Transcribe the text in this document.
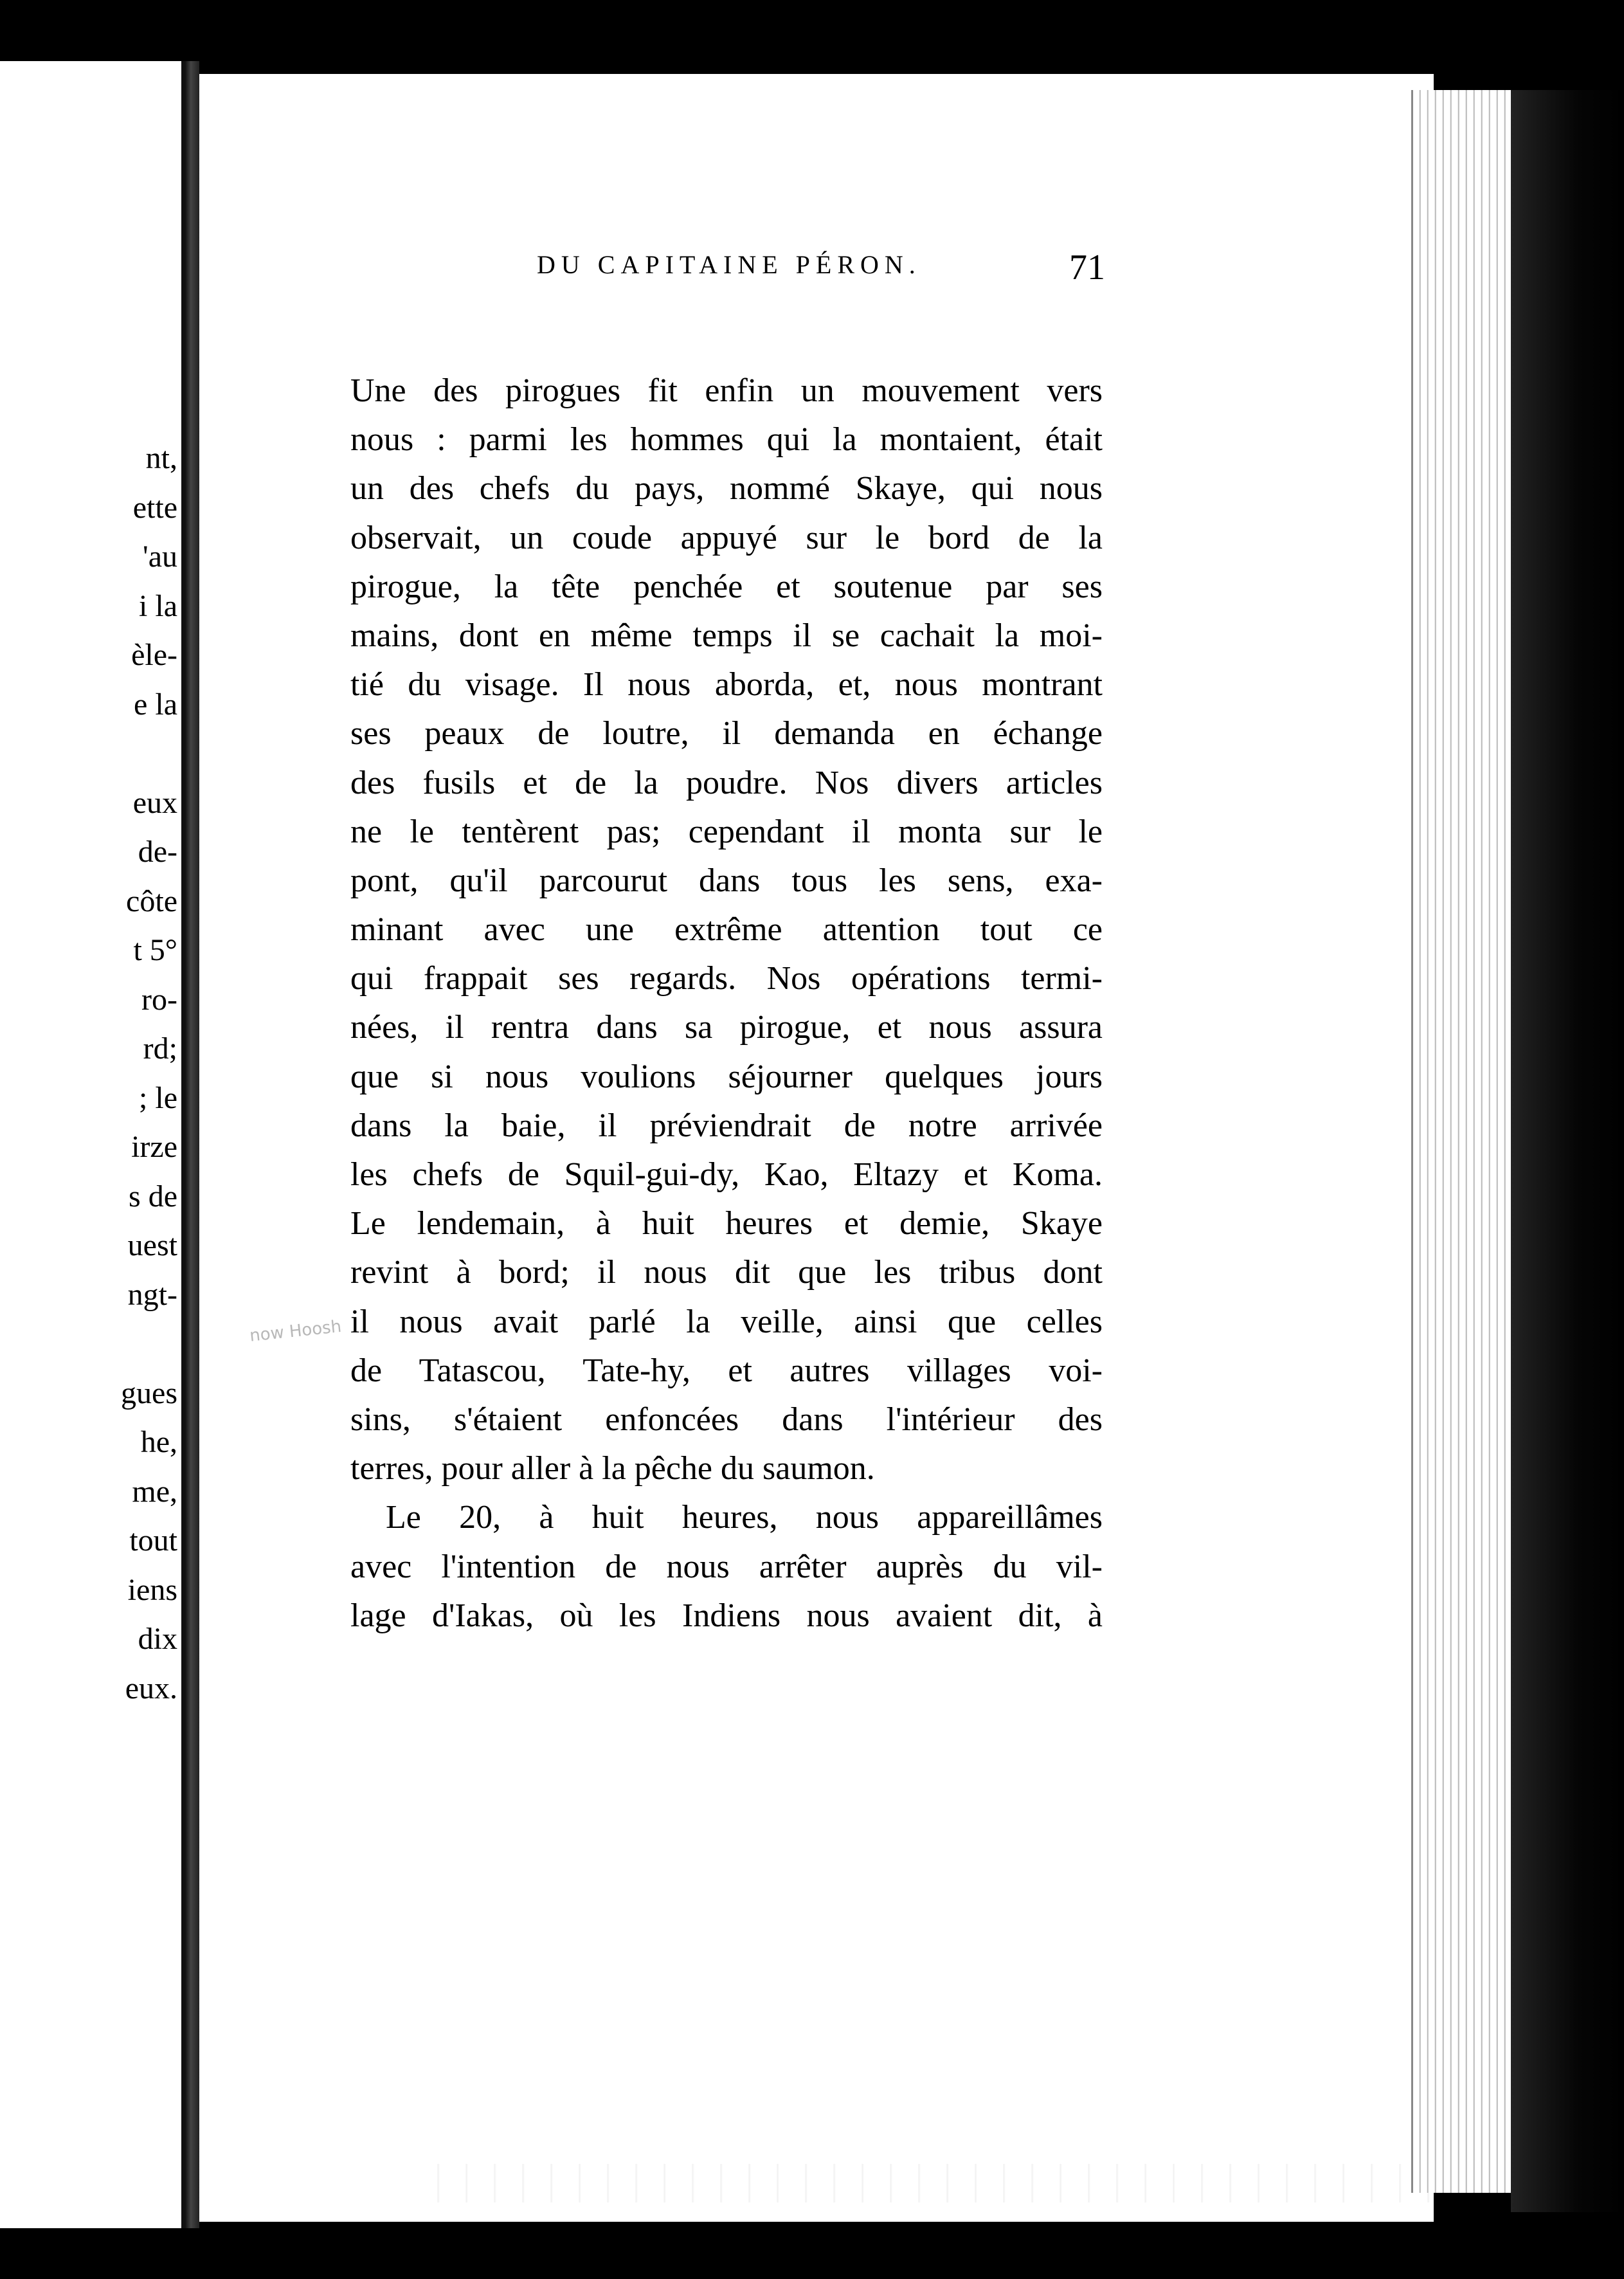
nt,
ette
'au
i la
èle-
e la
eux
de-
côte
t 5°
ro-
rd;
; le
irze
s de
uest
ngt-
gues
he,
me,
tout
iens
dix
eux.
DU CAPITAINE PÉRON.	71
now Hoosh
Une des pirogues fit enfin un mouvement vers
nous : parmi les hommes qui la montaient, était
un des chefs du pays, nommé Skaye, qui nous
observait, un coude appuyé sur le bord de la
pirogue, la tête penchée et soutenue par ses
mains, dont en même temps il se cachait la moi-
tié du visage. Il nous aborda, et, nous montrant
ses peaux de loutre, il demanda en échange
des fusils et de la poudre. Nos divers articles
ne le tentèrent pas; cependant il monta sur le
pont, qu'il parcourut dans tous les sens, exa-
minant avec une extrême attention tout ce
qui frappait ses regards. Nos opérations termi-
nées, il rentra dans sa pirogue, et nous assura
que si nous voulions séjourner quelques jours
dans la baie, il préviendrait de notre arrivée
les chefs de Squil-gui-dy, Kao, Eltazy et Koma.
Le lendemain, à huit heures et demie, Skaye
revint à bord; il nous dit que les tribus dont
il nous avait parlé la veille, ainsi que celles
de Tatascou, Tate-hy, et autres villages voi-
sins, s'étaient enfoncées dans l'intérieur des
terres, pour aller à la pêche du saumon.
Le 20, à huit heures, nous appareillâmes
avec l'intention de nous arrêter auprès du vil-
lage d'Iakas, où les Indiens nous avaient dit, à
